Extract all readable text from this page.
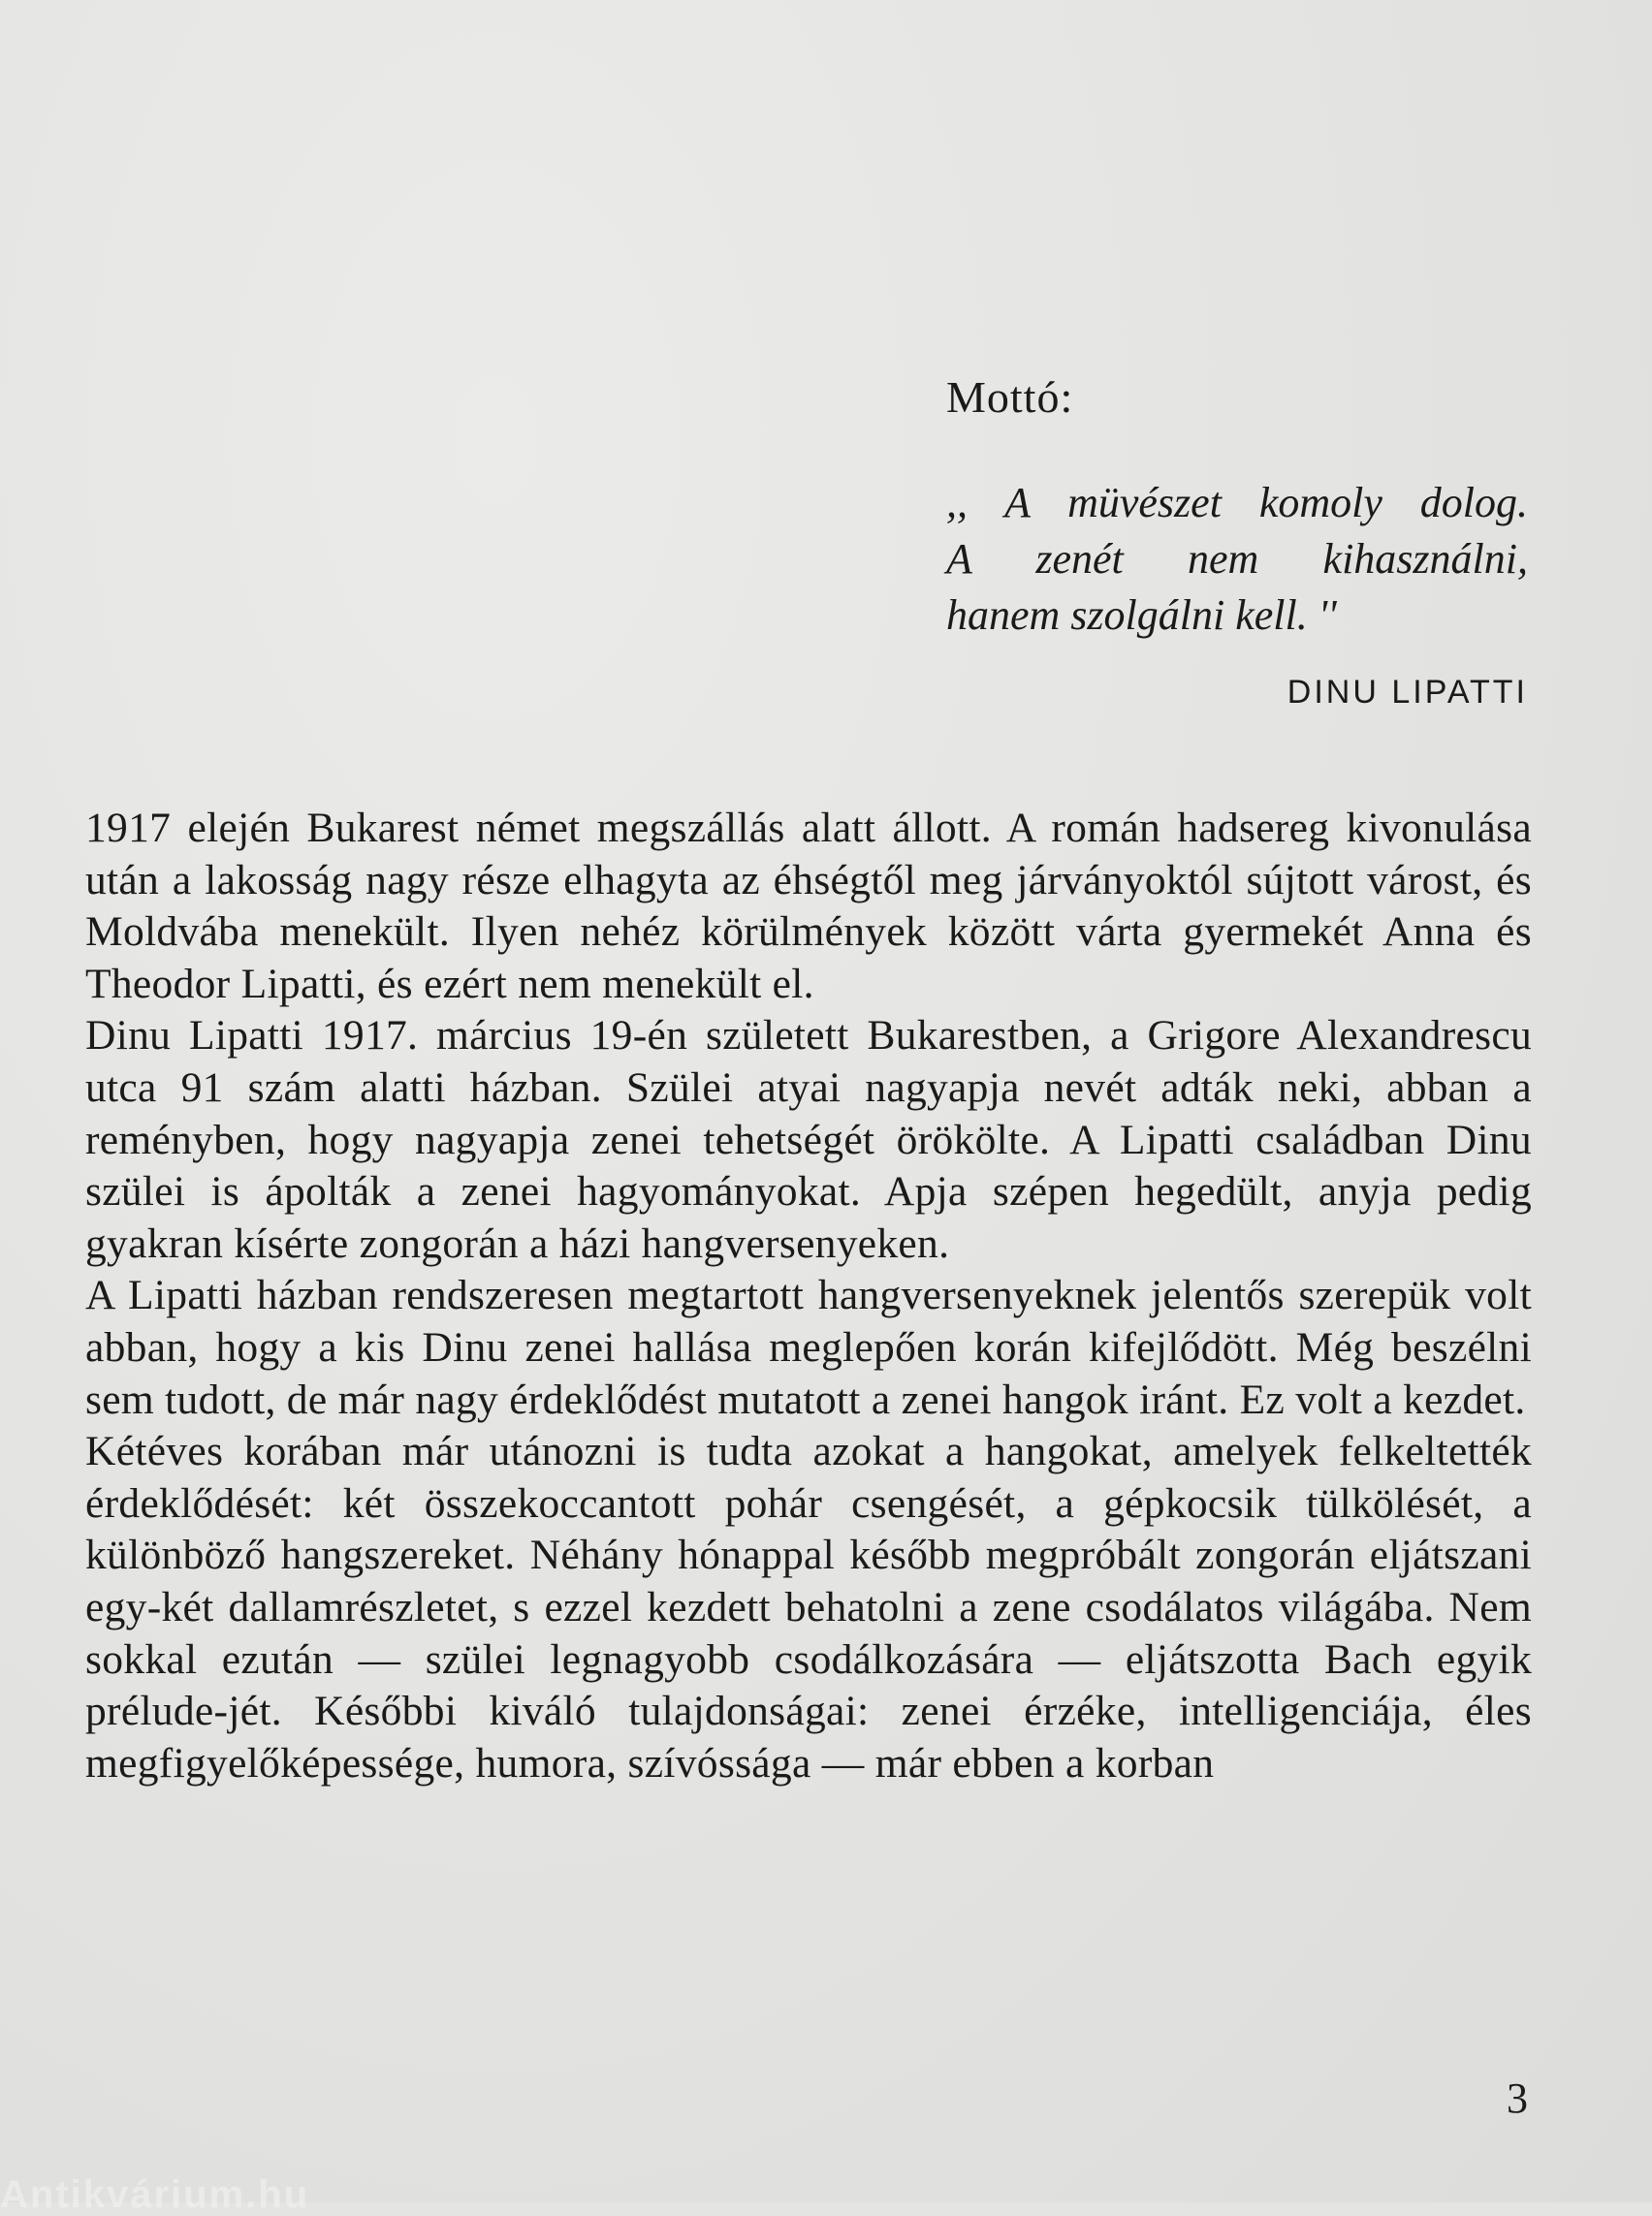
Mottó:
,, A müvészet komoly dolog.
A zenét nem kihasználni,
hanem szolgálni kell. ''
DINU LIPATTI

1917 elején Bukarest német megszállás alatt állott. A román hadsereg kivonulása után a lakosság nagy része elhagyta az éhségtől meg járványoktól sújtott várost, és Moldvába menekült. Ilyen nehéz körülmények között várta gyermekét Anna és Theodor Lipatti, és ezért nem menekült el.

Dinu Lipatti 1917. március 19-én született Bukarestben, a Grigore Alexandrescu utca 91 szám alatti házban. Szülei atyai nagyapja nevét adták neki, abban a reményben, hogy nagyapja zenei tehetségét örökölte. A Lipatti családban Dinu szülei is ápolták a zenei hagyományokat. Apja szépen hegedült, anyja pedig gyakran kísérte zongorán a házi hangversenyeken.

A Lipatti házban rendszeresen megtartott hangversenyeknek jelentős szerepük volt abban, hogy a kis Dinu zenei hallása meglepően korán kifejlődött. Még beszélni sem tudott, de már nagy érdeklődést mutatott a zenei hangok iránt. Ez volt a kezdet.

Kétéves korában már utánozni is tudta azokat a hangokat, amelyek felkeltették érdeklődését: két összekoccantott pohár csengését, a gépkocsik tülkölését, a különböző hangszereket. Néhány hónappal később megpróbált zongorán eljátszani egy-két dallamrészletet, s ezzel kezdett behatolni a zene csodálatos világába. Nem sokkal ezután — szülei legnagyobb csodálkozására — eljátszotta Bach egyik prélude-jét. Későbbi kiváló tulajdonságai: zenei érzéke, intelligenciája, éles megfigyelőképessége, humora, szívóssága — már ebben a korban

3
Antikvárium.hu
